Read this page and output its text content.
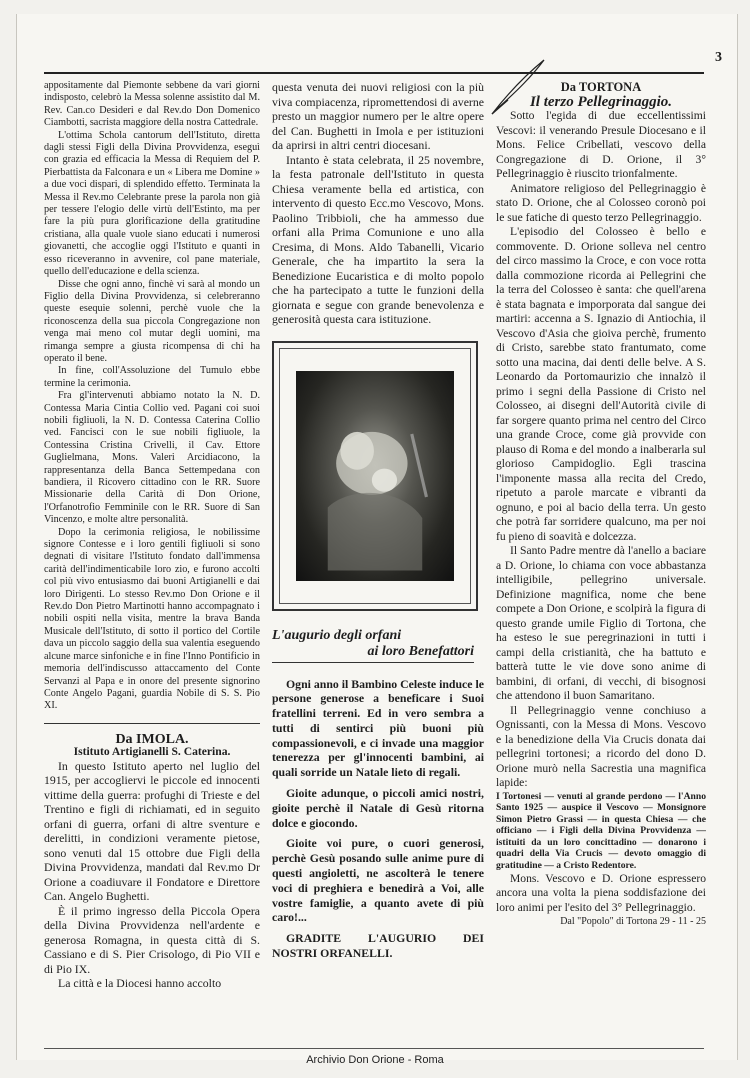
3

appositamente dal Piemonte sebbene da vari giorni indisposto, celebrò la Messa solenne assistito dal M. Rev. Can.co Desideri e dal Rev.do Don Domenico Ciambotti, sacrista maggiore della nostra Cattedrale.

L'ottima Schola cantorum dell'Istituto, diretta dagli stessi Figli della Divina Provvidenza, eseguì con grazia ed efficacia la Messa di Requiem del P. Pierbattista da Falconara e un « Libera me Domine » a due voci dispari, di splendido effetto. Terminata la Messa il Rev.mo Celebrante prese la parola non già per tessere l'elogio delle virtù dell'Estinto, ma per fare la più pura glorificazione della gratitudine cristiana, alla quale vuole siano educati i numerosi giovanetti, che accoglie oggi l'Istituto e quanti in esso riceveranno in avvenire, col pane materiale, quello dell'educazione e della scienza.

Disse che ogni anno, finchè vi sarà al mondo un Figlio della Divina Provvidenza, si celebreranno queste esequie solenni, perchè vuole che la riconoscenza della sua piccola Congregazione non venga mai meno col mutar degli uomini, ma rimanga sempre a giusta ricompensa di chi ha operato il bene.

In fine, coll'Assoluzione del Tumulo ebbe termine la cerimonia.

Fra gl'intervenuti abbiamo notato la N. D. Contessa Maria Cintia Collio ved. Pagani coi suoi nobili figliuoli, la N. D. Contessa Caterina Collio ved. Fancisci con le sue nobili figliuole, la Contessina Cristina Crivelli, il Cav. Ettore Guglielmana, Mons. Valeri Arcidiacono, la rappresentanza della Banca Settempedana con bandiera, il Ricovero cittadino con le RR. Suore Missionarie della Carità di Don Orione, l'Orfanotrofio Femminile con le RR. Suore di San Vincenzo, e molte altre personalità.

Dopo la cerimonia religiosa, le nobilissime signore Contesse e i loro gentili figliuoli si sono degnati di visitare l'Istituto fondato dall'immensa carità dell'indimenticabile loro zio, e furono accolti col più vivo entusiasmo dai buoni Artigianelli e dai loro Dirigenti. Lo stesso Rev.mo Don Orione e il Rev.do Don Pietro Martinotti hanno accompagnato i nobili ospiti nella visita, mentre la brava Banda Musicale dell'Istituto, di sotto il portico del Cortile dava un piccolo saggio della sua valentia eseguendo alcune marce sinfoniche e in fine l'Inno Pontificio in memoria dell'indiscusso attaccamento del Conte Servanzi al Papa e in onore del presente signorino Conte Angelo Pagani, guardia Nobile di S. S. Pio XI.

Da IMOLA.

Istituto Artigianelli S. Caterina.

In questo Istituto aperto nel luglio del 1915, per accogliervi le piccole ed innocenti vittime della guerra: profughi di Trieste e del Trentino e figli di richiamati, ed in seguito orfani di guerra, orfani di altre sventure e derelitti, in condizioni veramente pietose, sono venuti dal 15 ottobre due Figli della Divina Provvidenza, mandati dal Rev.mo Dr Orione a coadiuvare il Fondatore e Direttore Can. Angelo Bughetti.

È il primo ingresso della Piccola Opera della Divina Provvidenza nell'ardente e generosa Romagna, in questa città di S. Cassiano e di S. Pier Crisologo, di Pio VII e di Pio IX.

La città e la Diocesi hanno accolto

questa venuta dei nuovi religiosi con la più viva compiacenza, ripromettendosi di averne presto un maggior numero per le altre opere del Can. Bughetti in Imola e per istituzioni da aprirsi in altri centri diocesani.

Intanto è stata celebrata, il 25 novembre, la festa patronale dell'Istituto in questa Chiesa veramente bella ed artistica, con intervento di questo Ecc.mo Vescovo, Mons. Paolino Tribbioli, che ha ammesso due orfani alla Prima Comunione e uno alla Cresima, di Mons. Aldo Tabanelli, Vicario Generale, che ha impartito la sera la Benedizione Eucaristica e di molto popolo che ha partecipato a tutte le funzioni della giornata e segue con grande benevolenza e generosità questa cara istituzione.

L'augurio degli orfani
ai loro Benefattori

Ogni anno il Bambino Celeste induce le persone generose a beneficare i Suoi fratellini terreni. Ed in vero sembra a tutti di sentirci più buoni più compassionevoli, e ci invade una maggior tenerezza per gl'innocenti bambini, ai quali sorride un Natale lieto di regali.

Gioite adunque, o piccoli amici nostri, gioite perchè il Natale di Gesù ritorna dolce e giocondo.

Gioite voi pure, o cuori generosi, perchè Gesù posando sulle anime pure di questi angioletti, ne ascolterà le tenere voci di preghiera e benedirà a Voi, alle vostre famiglie, a quanto avete di più caro!...

GRADITE L'AUGURIO DEI NOSTRI ORFANELLI.

Da TORTONA

Il terzo Pellegrinaggio.

Sotto l'egida di due eccellentissimi Vescovi: il venerando Presule Diocesano e il Mons. Felice Cribellati, vescovo della Congregazione di D. Orione, il 3° Pellegrinaggio è riuscito trionfalmente.

Animatore religioso del Pellegrinaggio è stato D. Orione, che al Colosseo coronò poi le sue fatiche di questo terzo Pellegrinaggio.

L'episodio del Colosseo è bello e commovente. D. Orione solleva nel centro del circo massimo la Croce, e con voce rotta dalla commozione ricorda ai Pellegrini che la terra del Colosseo è santa: che quell'arena è stata bagnata e imporporata dal sangue dei martiri: accenna a S. Ignazio di Antiochia, il Vescovo d'Asia che gioiva perchè, frumento di Cristo, sarebbe stato frantumato, come sotto una macina, dai denti delle belve. A S. Leonardo da Portomaurizio che innalzò il primo i segni della Passione di Cristo nel Colosseo, ai disegni dell'Autorità civile di far sorgere quanto prima nel centro del Circo una grande Croce, come già provvide con plauso di Roma e del mondo a inalberarla sul glorioso Campidoglio. Egli trascina l'imponente massa alla recita del Credo, ripetuto a parole marcate e vibranti da ognuno, e poi al bacio della terra. Un gesto che potrà far sorridere qualcuno, ma per noi fu pieno di soavità e dolcezza.

Il Santo Padre mentre dà l'anello a baciare a D. Orione, lo chiama con voce abbastanza intelligibile, pellegrino universale. Definizione magnifica, nome che bene compete a Don Orione, e scolpirà la figura di questo grande umile Figlio di Tortona, che ha esteso le sue peregrinazioni in tutti i campi della cristianità, che ha battuto e batterà tutte le vie dove sono anime di bambini, di orfani, di vecchi, di bisognosi che attendono il buon Samaritano.

Il Pellegrinaggio venne conchiuso a Ognissanti, con la Messa di Mons. Vescovo e la benedizione della Via Crucis donata dai pellegrini tortonesi; a ricordo del dono D. Orione murò nella Sacrestia una magnifica lapide:

I Tortonesi — venuti al grande perdono — l'Anno Santo 1925 — auspice il Vescovo — Monsignore Simon Pietro Grassi — in questa Chiesa — che officiano — i Figli della Divina Provvidenza — istituiti da un loro concittadino — donarono i quadri della Via Crucis — devoto omaggio di gratitudine — a Cristo Redentore.

Mons. Vescovo e D. Orione espressero ancora una volta la piena soddisfazione dei loro animi per l'esito del 3° Pellegrinaggio.

Dal "Popolo" di Tortona 29 - 11 - 25

Archivio Don Orione - Roma
